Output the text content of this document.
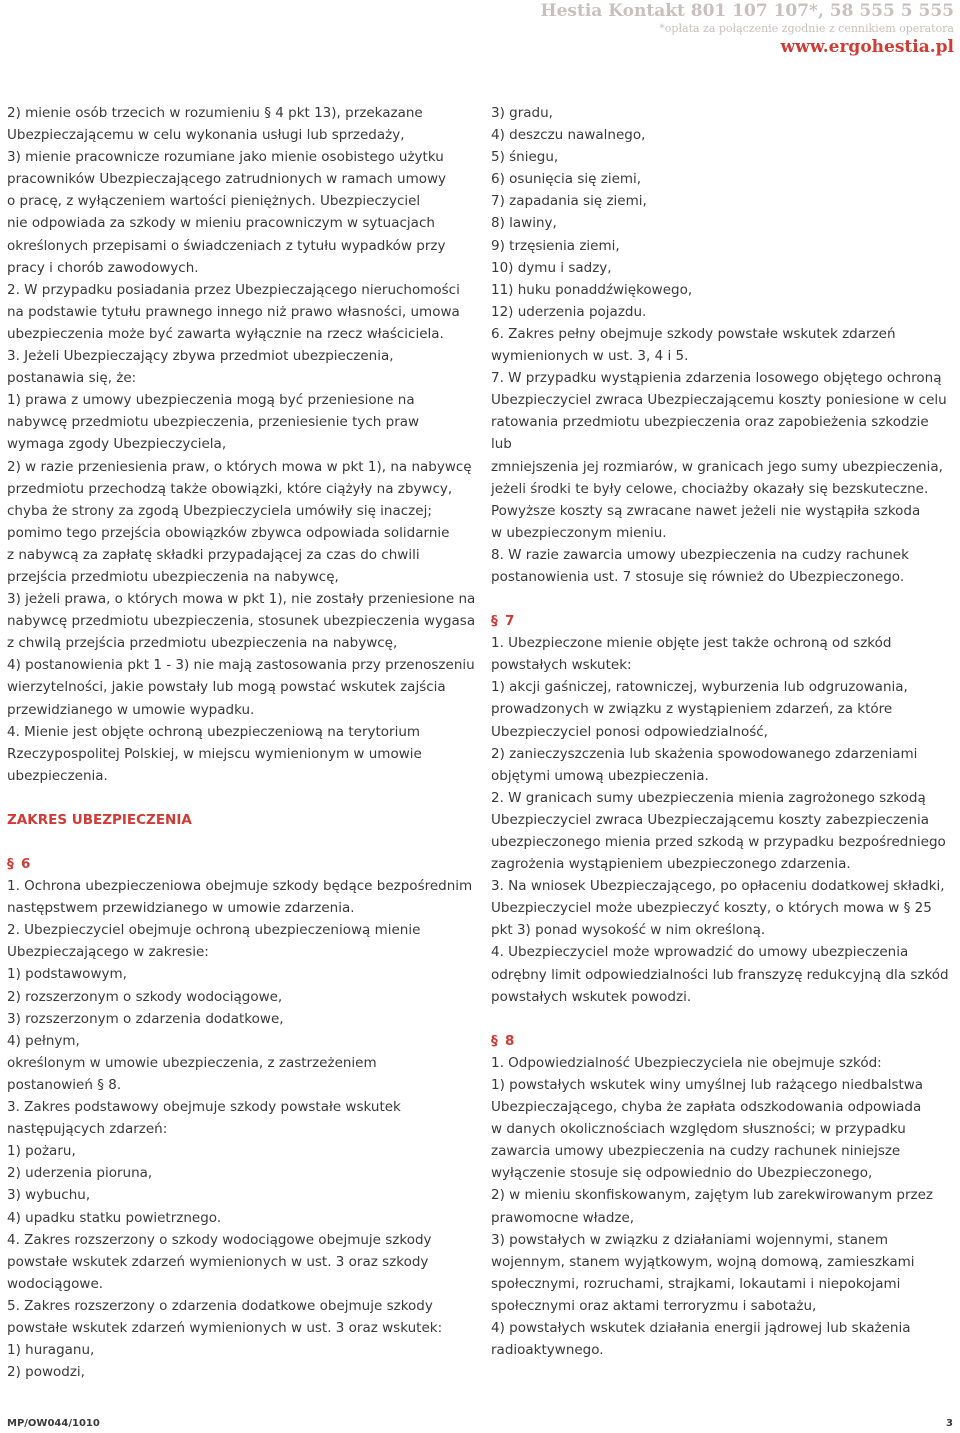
Hestia Kontakt 801 107 107*, 58 555 5 555
*opłata za połączenie zgodnie z cennikiem operatora
www.ergohestia.pl

2) mienie osób trzecich w rozumieniu § 4 pkt 13), przekazane

Ubezpieczającemu w celu wykonania usługi lub sprzedaży,

3) mienie pracownicze rozumiane jako mienie osobistego użytku

pracowników Ubezpieczającego zatrudnionych w ramach umowy

o pracę, z wyłączeniem wartości pieniężnych. Ubezpieczyciel

nie odpowiada za szkody w mieniu pracowniczym w sytuacjach

określonych przepisami o świadczeniach z tytułu wypadków przy

pracy i chorób zawodowych.

2. W przypadku posiadania przez Ubezpieczającego nieruchomości

na podstawie tytułu prawnego innego niż prawo własności, umowa

ubezpieczenia może być zawarta wyłącznie na rzecz właściciela.

3. Jeżeli Ubezpieczający zbywa przedmiot ubezpieczenia,

postanawia się, że:

1) prawa z umowy ubezpieczenia mogą być przeniesione na

nabywcę przedmiotu ubezpieczenia, przeniesienie tych praw

wymaga zgody Ubezpieczyciela,

2) w razie przeniesienia praw, o których mowa w pkt 1), na nabywcę

przedmiotu przechodzą także obowiązki, które ciążyły na zbywcy,

chyba że strony za zgodą Ubezpieczyciela umówiły się inaczej;

pomimo tego przejścia obowiązków zbywca odpowiada solidarnie

z nabywcą za zapłatę składki przypadającej za czas do chwili

przejścia przedmiotu ubezpieczenia na nabywcę,

3) jeżeli prawa, o których mowa w pkt 1), nie zostały przeniesione na

nabywcę przedmiotu ubezpieczenia, stosunek ubezpieczenia wygasa

z chwilą przejścia przedmiotu ubezpieczenia na nabywcę,

4) postanowienia pkt 1 - 3) nie mają zastosowania przy przenoszeniu

wierzytelności, jakie powstały lub mogą powstać wskutek zajścia

przewidzianego w umowie wypadku.

4. Mienie jest objęte ochroną ubezpieczeniową na terytorium

Rzeczypospolitej Polskiej, w miejscu wymienionym w umowie

ubezpieczenia.

ZAKRES UBEZPIECZENIA

§ 6

1. Ochrona ubezpieczeniowa obejmuje szkody będące bezpośrednim

następstwem przewidzianego w umowie zdarzenia.

2. Ubezpieczyciel obejmuje ochroną ubezpieczeniową mienie

Ubezpieczającego w zakresie:

1) podstawowym,

2) rozszerzonym o szkody wodociągowe,

3) rozszerzonym o zdarzenia dodatkowe,

4) pełnym,

określonym w umowie ubezpieczenia, z zastrzeżeniem

postanowień § 8.

3. Zakres podstawowy obejmuje szkody powstałe wskutek

następujących zdarzeń:

1) pożaru,

2) uderzenia pioruna,

3) wybuchu,

4) upadku statku powietrznego.

4. Zakres rozszerzony o szkody wodociągowe obejmuje szkody

powstałe wskutek zdarzeń wymienionych w ust. 3 oraz szkody

wodociągowe.

5. Zakres rozszerzony o zdarzenia dodatkowe obejmuje szkody

powstałe wskutek zdarzeń wymienionych w ust. 3 oraz wskutek:

1) huraganu,

2) powodzi,

3) gradu,

4) deszczu nawalnego,

5) śniegu,

6) osunięcia się ziemi,

7) zapadania się ziemi,

8) lawiny,

9) trzęsienia ziemi,

10) dymu i sadzy,

11) huku ponaddźwiękowego,

12) uderzenia pojazdu.

6. Zakres pełny obejmuje szkody powstałe wskutek zdarzeń

wymienionych w ust. 3, 4 i 5.

7. W przypadku wystąpienia zdarzenia losowego objętego ochroną

Ubezpieczyciel zwraca Ubezpieczającemu koszty poniesione w celu

ratowania przedmiotu ubezpieczenia oraz zapobieżenia szkodzie lub

zmniejszenia jej rozmiarów, w granicach jego sumy ubezpieczenia,

jeżeli środki te były celowe, chociażby okazały się bezskuteczne.

Powyższe koszty są zwracane nawet jeżeli nie wystąpiła szkoda

w ubezpieczonym mieniu.

8. W razie zawarcia umowy ubezpieczenia na cudzy rachunek

postanowienia ust. 7 stosuje się również do Ubezpieczonego.

§ 7

1. Ubezpieczone mienie objęte jest także ochroną od szkód

powstałych wskutek:

1) akcji gaśniczej, ratowniczej, wyburzenia lub odgruzowania,

prowadzonych w związku z wystąpieniem zdarzeń, za które

Ubezpieczyciel ponosi odpowiedzialność,

2) zanieczyszczenia lub skażenia spowodowanego zdarzeniami

objętymi umową ubezpieczenia.

2. W granicach sumy ubezpieczenia mienia zagrożonego szkodą

Ubezpieczyciel zwraca Ubezpieczającemu koszty zabezpieczenia

ubezpieczonego mienia przed szkodą w przypadku bezpośredniego

zagrożenia wystąpieniem ubezpieczonego zdarzenia.

3. Na wniosek Ubezpieczającego, po opłaceniu dodatkowej składki,

Ubezpieczyciel może ubezpieczyć koszty, o których mowa w § 25

pkt 3) ponad wysokość w nim określoną.

4. Ubezpieczyciel może wprowadzić do umowy ubezpieczenia

odrębny limit odpowiedzialności lub franszyzę redukcyjną dla szkód

powstałych wskutek powodzi.

§ 8

1. Odpowiedzialność Ubezpieczyciela nie obejmuje szkód:

1) powstałych wskutek winy umyślnej lub rażącego niedbalstwa

Ubezpieczającego, chyba że zapłata odszkodowania odpowiada

w danych okolicznościach względom słuszności; w przypadku

zawarcia umowy ubezpieczenia na cudzy rachunek niniejsze

wyłączenie stosuje się odpowiednio do Ubezpieczonego,

2) w mieniu skonfiskowanym, zajętym lub zarekwirowanym przez

prawomocne władze,

3) powstałych w związku z działaniami wojennymi, stanem

wojennym, stanem wyjątkowym, wojną domową, zamieszkami

społecznymi, rozruchami, strajkami, lokautami i niepokojami

społecznymi oraz aktami terroryzmu i sabotażu,

4) powstałych wskutek działania energii jądrowej lub skażenia

radioaktywnego.

MP/OW044/1010	3
